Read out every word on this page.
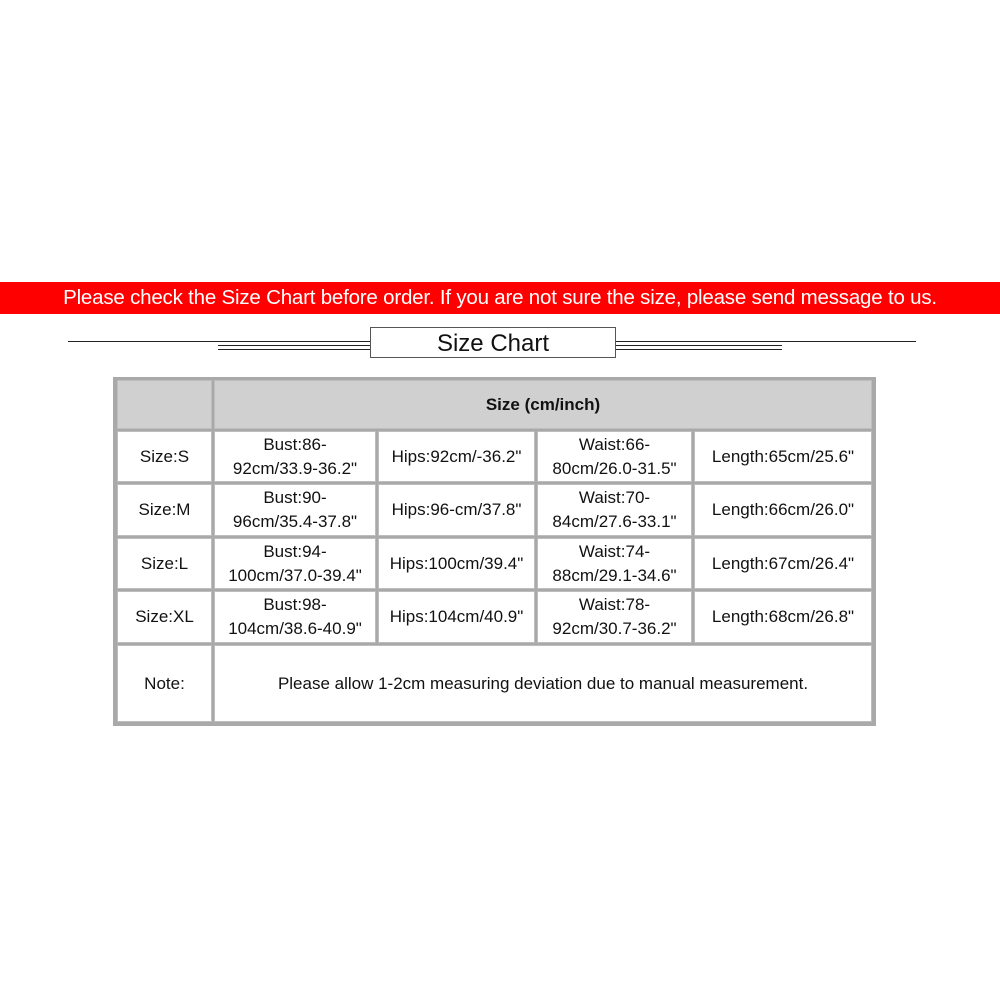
Please check the Size Chart before order. If you are not sure the size, please send message to us.
Size Chart
Size (cm/inch)
Size:S
Bust:86-
92cm/33.9-36.2"
Hips:92cm/-36.2"
Waist:66-
80cm/26.0-31.5"
Length:65cm/25.6"
Size:M
Bust:90-
96cm/35.4-37.8"
Hips:96-cm/37.8"
Waist:70-
84cm/27.6-33.1"
Length:66cm/26.0"
Size:L
Bust:94-
100cm/37.0-39.4"
Hips:100cm/39.4"
Waist:74-
88cm/29.1-34.6"
Length:67cm/26.4"
Size:XL
Bust:98-
104cm/38.6-40.9"
Hips:104cm/40.9"
Waist:78-
92cm/30.7-36.2"
Length:68cm/26.8"
Note:	Please allow 1-2cm measuring deviation due to manual measurement.
